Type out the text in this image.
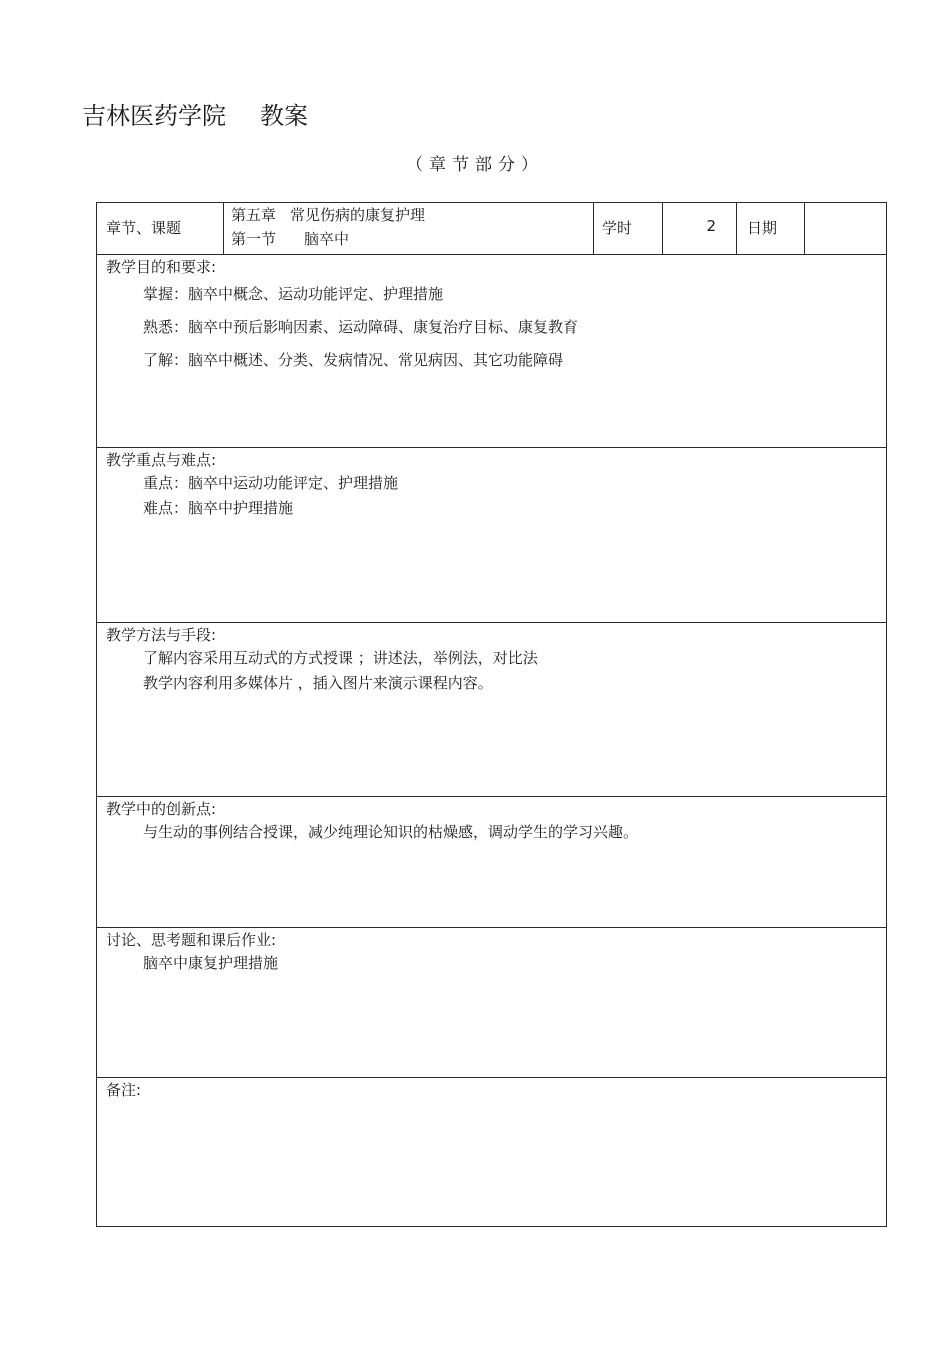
吉林医药学院 教案
（章节部分）
章节、课题
第五章 常见伤病的康复护理
第一节 脑卒中
学时	2	日期
教学目的和要求:
掌握：脑卒中概念、运动功能评定、护理措施
熟悉：脑卒中预后影响因素、运动障碍、康复治疗目标、康复教育
了解：脑卒中概述、分类、发病情况、常见病因、其它功能障碍
教学重点与难点:
重点：脑卒中运动功能评定、护理措施
难点：脑卒中护理措施
教学方法与手段:
了解内容采用互动式的方式授课 ；讲述法，举例法，对比法
教学内容利用多媒体片 ，插入图片来演示课程内容。
教学中的创新点:
与生动的事例结合授课，减少纯理论知识的枯燥感，调动学生的学习兴趣。
讨论、思考题和课后作业:
脑卒中康复护理措施
备注:
